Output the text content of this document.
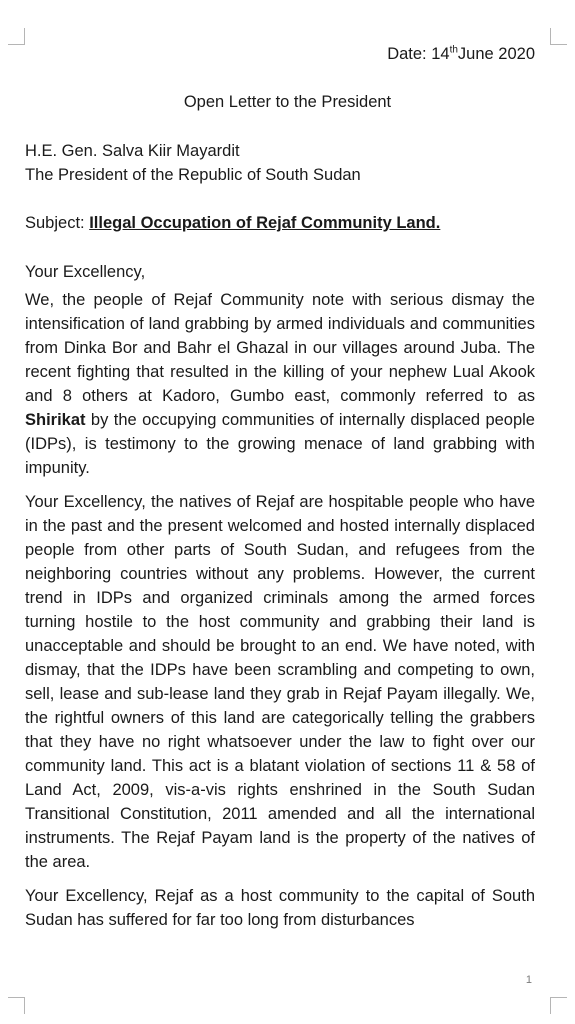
Date: 14thJune 2020
Open Letter to the President
H.E. Gen. Salva Kiir Mayardit
The President of the Republic of South Sudan
Subject: Illegal Occupation of Rejaf Community Land.
Your Excellency,

We, the people of Rejaf Community note with serious dismay the intensification of land grabbing by armed individuals and communities from Dinka Bor and Bahr el Ghazal in our villages around Juba. The recent fighting that resulted in the killing of your nephew Lual Akook and 8 others at Kadoro, Gumbo east, commonly referred to as Shirikat by the occupying communities of internally displaced people (IDPs), is testimony to the growing menace of land grabbing with impunity.

Your Excellency, the natives of Rejaf are hospitable people who have in the past and the present welcomed and hosted internally displaced people from other parts of South Sudan, and refugees from the neighboring countries without any problems. However, the current trend in IDPs and organized criminals among the armed forces turning hostile to the host community and grabbing their land is unacceptable and should be brought to an end. We have noted, with dismay, that the IDPs have been scrambling and competing to own, sell, lease and sub-lease land they grab in Rejaf Payam illegally. We, the rightful owners of this land are categorically telling the grabbers that they have no right whatsoever under the law to fight over our community land. This act is a blatant violation of sections 11 & 58 of Land Act, 2009, vis-a-vis rights enshrined in the South Sudan Transitional Constitution, 2011 amended and all the international instruments. The Rejaf Payam land is the property of the natives of the area.

Your Excellency, Rejaf as a host community to the capital of South Sudan has suffered for far too long from disturbances

1
